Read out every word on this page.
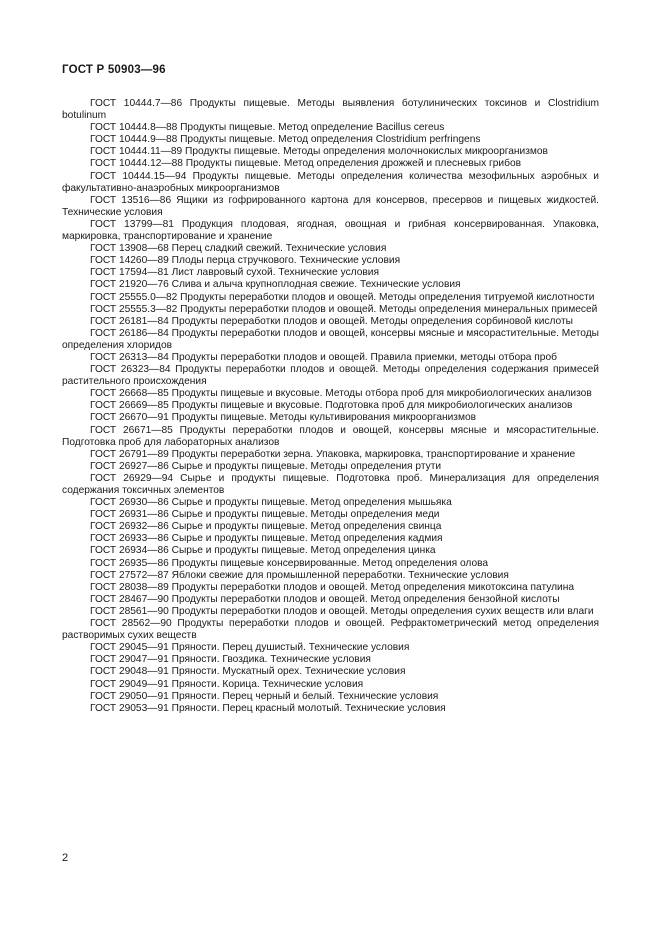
ГОСТ Р 50903—96

ГОСТ 10444.7—86 Продукты пищевые. Методы выявления ботулинических токсинов и Clostridium botulinum

ГОСТ 10444.8—88 Продукты пищевые. Метод определение Bacillus cereus

ГОСТ 10444.9—88 Продукты пищевые. Метод определения Clostridium perfringens

ГОСТ 10444.11—89 Продукты пищевые. Методы определения молочнокислых микроорганизмов

ГОСТ 10444.12—88 Продукты пищевые. Метод определения дрожжей и плесневых грибов

ГОСТ 10444.15—94 Продукты пищевые. Методы определения количества мезофильных аэробных и факультативно-анаэробных микроорганизмов

ГОСТ 13516—86 Ящики из гофрированного картона для консервов, пресервов и пищевых жидкостей. Технические условия

ГОСТ 13799—81 Продукция плодовая, ягодная, овощная и грибная консервированная. Упаковка, маркировка, транспортирование и хранение

ГОСТ 13908—68 Перец сладкий свежий. Технические условия

ГОСТ 14260—89 Плоды перца стручкового. Технические условия

ГОСТ 17594—81 Лист лавровый сухой. Технические условия

ГОСТ 21920—76 Слива и алыча крупноплодная свежие. Технические условия

ГОСТ 25555.0—82 Продукты переработки плодов и овощей. Методы определения титруемой кислотности

ГОСТ 25555.3—82 Продукты переработки плодов и овощей. Методы определения минеральных примесей

ГОСТ 26181—84 Продукты переработки плодов и овощей. Методы определения сорбиновой кислоты

ГОСТ 26186—84 Продукты переработки плодов и овощей, консервы мясные и мясорастительные. Методы определения хлоридов

ГОСТ 26313—84 Продукты переработки плодов и овощей. Правила приемки, методы отбора проб

ГОСТ 26323—84 Продукты переработки плодов и овощей. Методы определения содержания примесей растительного происхождения

ГОСТ 26668—85 Продукты пищевые и вкусовые. Методы отбора проб для микробиологических анализов

ГОСТ 26669—85 Продукты пищевые и вкусовые. Подготовка проб для микробиологических анализов

ГОСТ 26670—91 Продукты пищевые. Методы культивирования микроорганизмов

ГОСТ 26671—85 Продукты переработки плодов и овощей, консервы мясные и мясорастительные. Подготовка проб для лабораторных анализов

ГОСТ 26791—89 Продукты переработки зерна. Упаковка, маркировка, транспортирование и хранение

ГОСТ 26927—86 Сырье и продукты пищевые. Методы определения ртути

ГОСТ 26929—94 Сырье и продукты пищевые. Подготовка проб. Минерализация для определения содержания токсичных элементов

ГОСТ 26930—86 Сырье и продукты пищевые. Метод определения мышьяка

ГОСТ 26931—86 Сырье и продукты пищевые. Методы определения меди

ГОСТ 26932—86 Сырье и продукты пищевые. Метод определения свинца

ГОСТ 26933—86 Сырье и продукты пищевые. Метод определения кадмия

ГОСТ 26934—86 Сырье и продукты пищевые. Метод определения цинка

ГОСТ 26935—86 Продукты пищевые консервированные. Метод определения олова

ГОСТ 27572—87 Яблоки свежие для промышленной переработки. Технические условия

ГОСТ 28038—89 Продукты переработки плодов и овощей. Метод определения микотоксина патулина

ГОСТ 28467—90 Продукты переработки плодов и овощей. Метод определения бензойной кислоты

ГОСТ 28561—90 Продукты переработки плодов и овощей. Методы определения сухих веществ или влаги

ГОСТ 28562—90 Продукты переработки плодов и овощей. Рефрактометрический метод определения растворимых сухих веществ

ГОСТ 29045—91 Пряности. Перец душистый. Технические условия

ГОСТ 29047—91 Пряности. Гвоздика. Технические условия

ГОСТ 29048—91 Пряности. Мускатный орех. Технические условия

ГОСТ 29049—91 Пряности. Корица. Технические условия

ГОСТ 29050—91 Пряности. Перец черный и белый. Технические условия

ГОСТ 29053—91 Пряности. Перец красный молотый. Технические условия

2
